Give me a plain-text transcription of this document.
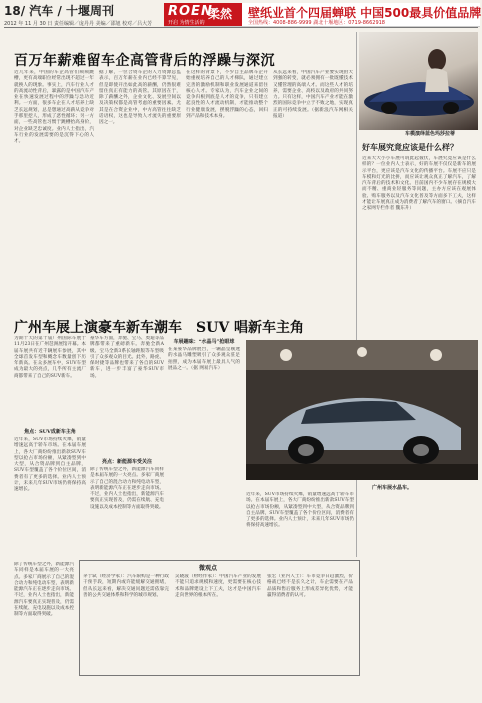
18/ 汽车 / 十堰周刊
2012 年 11 月 30 日 责任编辑／庞丹丹 美编／邵旭 校对／吕大芳
ROEN
柔然
开启 为情生活的
壁纸业首个四届蝉联 中国500最具价值品牌
全国热线：4008-886-9999 湖北十堰地区：0719-8662918
百万年薪难留车企高管背后的浮躁与深沉
近几年来，中国的车企高管们频频跳槽，更有高端职位经常出现不超过一年就换人的现象。事实上，汽车行业人才的高流动性背后，暴露的是中国汽车产业在快速发展过程中的浮躁与急功近利。一方面，很多车企在人才培养上缺乏长远规划，总是想通过高薪从竞争对手那里挖人，形成了恶性循环；另一方面，一些高管也习惯于跳槽抬高身价，对企业缺乏忠诚度。业内人士指出，汽车行业的发展需要的是沉得下心的人才。
据了解，一位合资车企的人力资源总监表示，百万年薪在业内已经不算罕见，但是即使开出如此高的薪酬，仍然很难留住真正有能力的高管。其原因在于，除了薪酬之外，企业文化、发展空间以及决策权都是高管考虑的重要因素。尤其是在合资企业中，中方高管往往缺乏话语权，这也是导致人才流失的重要原因之一。
在这样的背景下，不少自主品牌车企开始重视培养自己的人才梯队，通过建立完善的激励机制和职业发展通道来留住核心人才。专家认为，汽车企业之间的竞争归根到底是人才的竞争，只有建立起良性的人才流动机制，才能推动整个行业健康发展，摆脱浮躁的心态，回归到产品和技术本身。
从长远来看，中国汽车产业要实现由大到强的转变，就必须拥有一批既懂技术又懂管理的高端人才。而这些人才的培养，需要企业、高校以及政府的共同努力。只有这样，中国汽车产业才能在激烈的国际竞争中立于不败之地，实现真正的可持续发展。（据新浪汽车网相关报道）
车模演绎蓝色玛莎拉蒂
好车展究竟应该是什么样？
近来大大小小车展可谓此起彼伏，车展究竟应该是什么样的？一位业内人士表示，好的车展不仅仅是新车的展示平台，更应该是汽车文化的传播平台。车展不应只是车模和灯光的比拼，而应该让观众真正了解汽车，了解汽车背后的技术和文化。目前国内不少车展存在规模大而不精、重商业轻服务等问题，主办方应该在观展体验、购车服务以及汽车文化普及等方面多下工夫，这样才能让车展真正成为消费者了解汽车的窗口。（摘自汽车之家网专栏作者 魏东升）
广州车展上演豪车新车潮车　SUV 唱新车主角
为期十天的第十届广州国际车展于11月23日在广州琶洲展馆开幕。本届车展共有近千辆展车参展，其中全球首发车型和概念车数量创下历年新高。在众多展车中，SUV车型成为最大的亮点，几乎所有主流厂商都带来了自己的SUV新车。
焦点：SUV成新车主角
近年来，SUV市场持续火爆，销量增速远高于轿车市场。在本届车展上，各大厂商纷纷推出新款SUV车型以抢占市场份额，从紧凑型到中大型，从合资品牌到自主品牌，SUV车型覆盖了各个价位区间，消费者有了更多的选择。业内人士预计，未来几年SUV市场仍将保持高速增长。
豪华车方面，奔驰、宝马、奥迪等品牌都带来了重磅新车。奔驰全新A级、宝马全新3系长轴距版等车型吸引了众多观众的目光。此外，路虎、保时捷等品牌也带来了各自的SUV新车，进一步丰富了豪华SUV市场。
亮点：新能源车受关注
除了传统车型之外，新能源汽车同样是本届车展的一大亮点。多家厂商展示了自己的混合动力和纯电动车型，表明新能源汽车正在逐步走向市场。不过，业内人士也指出，新能源汽车要真正实现普及，仍需在续航、充电设施以及成本控制等方面取得突破。
广州车展水晶车。
车展趣味：“水晶马”抢眼球
在某豪华品牌展台，一辆晶莹剔透的水晶马雕塑吸引了众多观众驻足拍照，成为本届车展上最具人气的展品之一。（据 网易汽车）
近年来，SUV市场持续火爆，销量增速远高于轿车市场。在本届车展上，各大厂商纷纷推出新款SUV车型以抢占市场份额，从紧凑型到中大型，从合资品牌到自主品牌，SUV车型覆盖了各个价位区间，消费者有了更多的选择。业内人士预计，未来几年SUV市场仍将保持高速增长。
微观点
茅于轼（经济学家）：汽车限购是一种行政干预手段，短期内或许能缓解交通拥堵，但从长远来看，解决交通问题还需依靠完善的公共交通体系和科学的城市规划。
吴晓波（财经作家）：中国汽车产业的发展不能只追求规模和速度，更需要在核心技术和品牌建设上下工夫，这才是中国汽车走向世界的根本所在。
张宏（业内人士）：车市竞争日趋激烈，价格战已经不是长久之计，车企需要在产品品质和售后服务上形成差异化优势，才能赢得消费者的认可。
除了传统车型之外，新能源汽车同样是本届车展的一大亮点。多家厂商展示了自己的混合动力和纯电动车型，表明新能源汽车正在逐步走向市场。不过，业内人士也指出，新能源汽车要真正实现普及，仍需在续航、充电设施以及成本控制等方面取得突破。
